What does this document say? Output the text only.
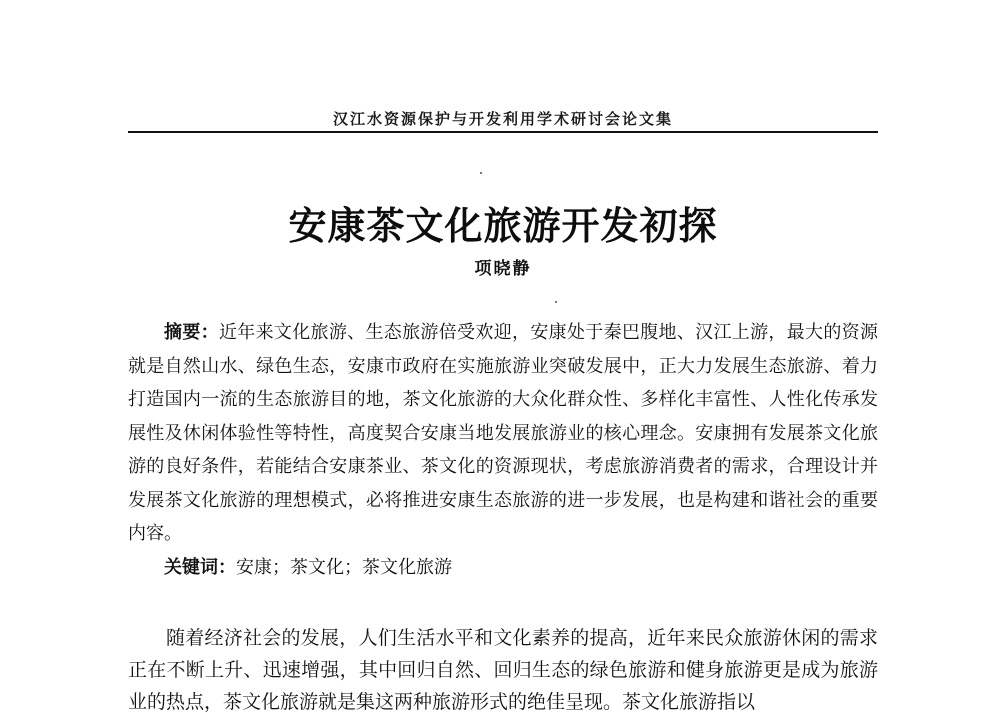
汉江水资源保护与开发利用学术研讨会论文集
安康茶文化旅游开发初探
项晓静

摘要：近年来文化旅游、生态旅游倍受欢迎，安康处于秦巴腹地、汉江上游，最大的资源就是自然山水、绿色生态，安康市政府在实施旅游业突破发展中，正大力发展生态旅游、着力打造国内一流的生态旅游目的地，茶文化旅游的大众化群众性、多样化丰富性、人性化传承发展性及休闲体验性等特性，高度契合安康当地发展旅游业的核心理念。安康拥有发展茶文化旅游的良好条件，若能结合安康茶业、茶文化的资源现状，考虑旅游消费者的需求，合理设计并发展茶文化旅游的理想模式，必将推进安康生态旅游的进一步发展，也是构建和谐社会的重要内容。

关键词：安康；茶文化；茶文化旅游

随着经济社会的发展，人们生活水平和文化素养的提高，近年来民众旅游休闲的需求正在不断上升、迅速增强，其中回归自然、回归生态的绿色旅游和健身旅游更是成为旅游业的热点，茶文化旅游就是集这两种旅游形式的绝佳呈现。茶文化旅游指以
